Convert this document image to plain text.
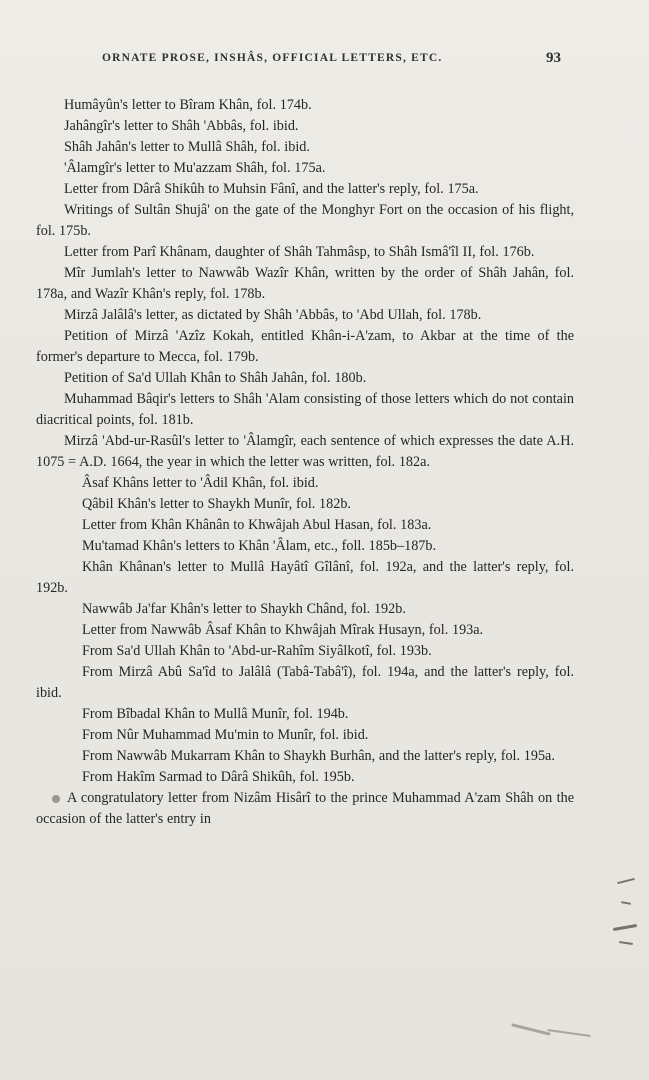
ORNATE PROSE, INSHÂS, OFFICIAL LETTERS, ETC.	93

Humâyûn's letter to Bîram Khân, fol. 174b.

Jahângîr's letter to Shâh 'Abbâs, fol. ibid.

Shâh Jahân's letter to Mullâ Shâh, fol. ibid.

'Âlamgîr's letter to Mu'azzam Shâh, fol. 175a.

Letter from Dârâ Shikûh to Muhsin Fânî, and the latter's reply, fol. 175a.

Writings of Sultân Shujâ' on the gate of the Monghyr Fort on the occasion of his flight, fol. 175b.

Letter from Parî Khânam, daughter of Shâh Tahmâsp, to Shâh Ismâ'îl II, fol. 176b.

Mîr Jumlah's letter to Nawwâb Wazîr Khân, written by the order of Shâh Jahân, fol. 178a, and Wazîr Khân's reply, fol. 178b.

Mirzâ Jalâlâ's letter, as dictated by Shâh 'Abbâs, to 'Abd Ullah, fol. 178b.

Petition of Mirzâ 'Azîz Kokah, entitled Khân-i-A'zam, to Akbar at the time of the former's departure to Mecca, fol. 179b.

Petition of Sa'd Ullah Khân to Shâh Jahân, fol. 180b.

Muhammad Bâqir's letters to Shâh 'Alam consisting of those letters which do not contain diacritical points, fol. 181b.

Mirzâ 'Abd-ur-Rasûl's letter to 'Âlamgîr, each sentence of which expresses the date A.H. 1075 = A.D. 1664, the year in which the letter was written, fol. 182a.

Âsaf Khâns letter to 'Âdil Khân, fol. ibid.

Qâbil Khân's letter to Shaykh Munîr, fol. 182b.

Letter from Khân Khânân to Khwâjah Abul Hasan, fol. 183a.

Mu'tamad Khân's letters to Khân 'Âlam, etc., foll. 185b–187b.

Khân Khânan's letter to Mullâ Hayâtî Gîlânî, fol. 192a, and the latter's reply, fol. 192b.

Nawwâb Ja'far Khân's letter to Shaykh Chând, fol. 192b.

Letter from Nawwâb Âsaf Khân to Khwâjah Mîrak Husayn, fol. 193a.

From Sa'd Ullah Khân to 'Abd-ur-Rahîm Siyâlkotî, fol. 193b.

From Mirzâ Abû Sa'îd to Jalâlâ (Tabâ-Tabâ'î), fol. 194a, and the latter's reply, fol. ibid.

From Bîbadal Khân to Mullâ Munîr, fol. 194b.

From Nûr Muhammad Mu'min to Munîr, fol. ibid.

From Nawwâb Mukarram Khân to Shaykh Burhân, and the latter's reply, fol. 195a.

From Hakîm Sarmad to Dârâ Shikûh, fol. 195b.

A congratulatory letter from Nizâm Hisârî to the prince Muhammad A'zam Shâh on the occasion of the latter's entry in
